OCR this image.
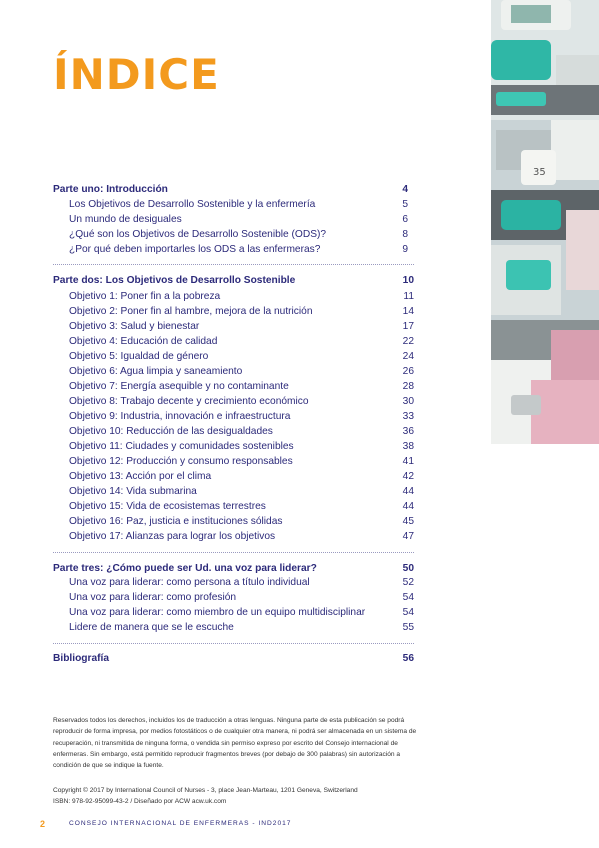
ÍNDICE
35
Parte uno: Introducción	4
Los Objetivos de Desarrollo Sostenible y la enfermería	5
Un mundo de desiguales	6
¿Qué son los Objetivos de Desarrollo Sostenible (ODS)?	8
¿Por qué deben importarles los ODS a las enfermeras?	9
Parte dos: Los Objetivos de Desarrollo Sostenible	10
Objetivo 1: Poner fin a la pobreza	11
Objetivo 2: Poner fin al hambre, mejora de la nutrición	14
Objetivo 3: Salud y bienestar	17
Objetivo 4: Educación de calidad	22
Objetivo 5: Igualdad de género	24
Objetivo 6: Agua limpia y saneamiento	26
Objetivo 7: Energía asequible y no contaminante	28
Objetivo 8: Trabajo decente y crecimiento económico	30
Objetivo 9: Industria, innovación e infraestructura	33
Objetivo 10: Reducción de las desigualdades	36
Objetivo 11: Ciudades y comunidades sostenibles	38
Objetivo 12: Producción y consumo responsables	41
Objetivo 13: Acción por el clima	42
Objetivo 14: Vida submarina	44
Objetivo 15: Vida de ecosistemas terrestres	44
Objetivo 16: Paz, justicia e instituciones sólidas	45
Objetivo 17: Alianzas para lograr los objetivos	47
Parte tres: ¿Cómo puede ser Ud. una voz para liderar?	50
Una voz para liderar: como persona a título individual	52
Una voz para liderar: como profesión	54
Una voz para liderar: como miembro de un equipo multidisciplinar	54
Lidere de manera que se le escuche	55
Bibliografía	56

Reservados todos los derechos, incluidos los de traducción a otras lenguas. Ninguna parte de esta publicación se podrá reproducir de forma impresa, por medios fotostáticos o de cualquier otra manera, ni podrá ser almacenada en un sistema de recuperación, ni transmitida de ninguna forma, o vendida sin permiso expreso por escrito del Consejo internacional de enfermeras. Sin embargo, está permitido reproducir fragmentos breves (por debajo de 300 palabras) sin autorización a condición de que se indique la fuente.

Copyright © 2017 by International Council of Nurses - 3, place Jean-Marteau, 1201 Geneva, Switzerland
ISBN: 978-92-95099-43-2 / Diseñado por ACW acw.uk.com
2	CONSEJO INTERNACIONAL DE ENFERMERAS - IND2017
